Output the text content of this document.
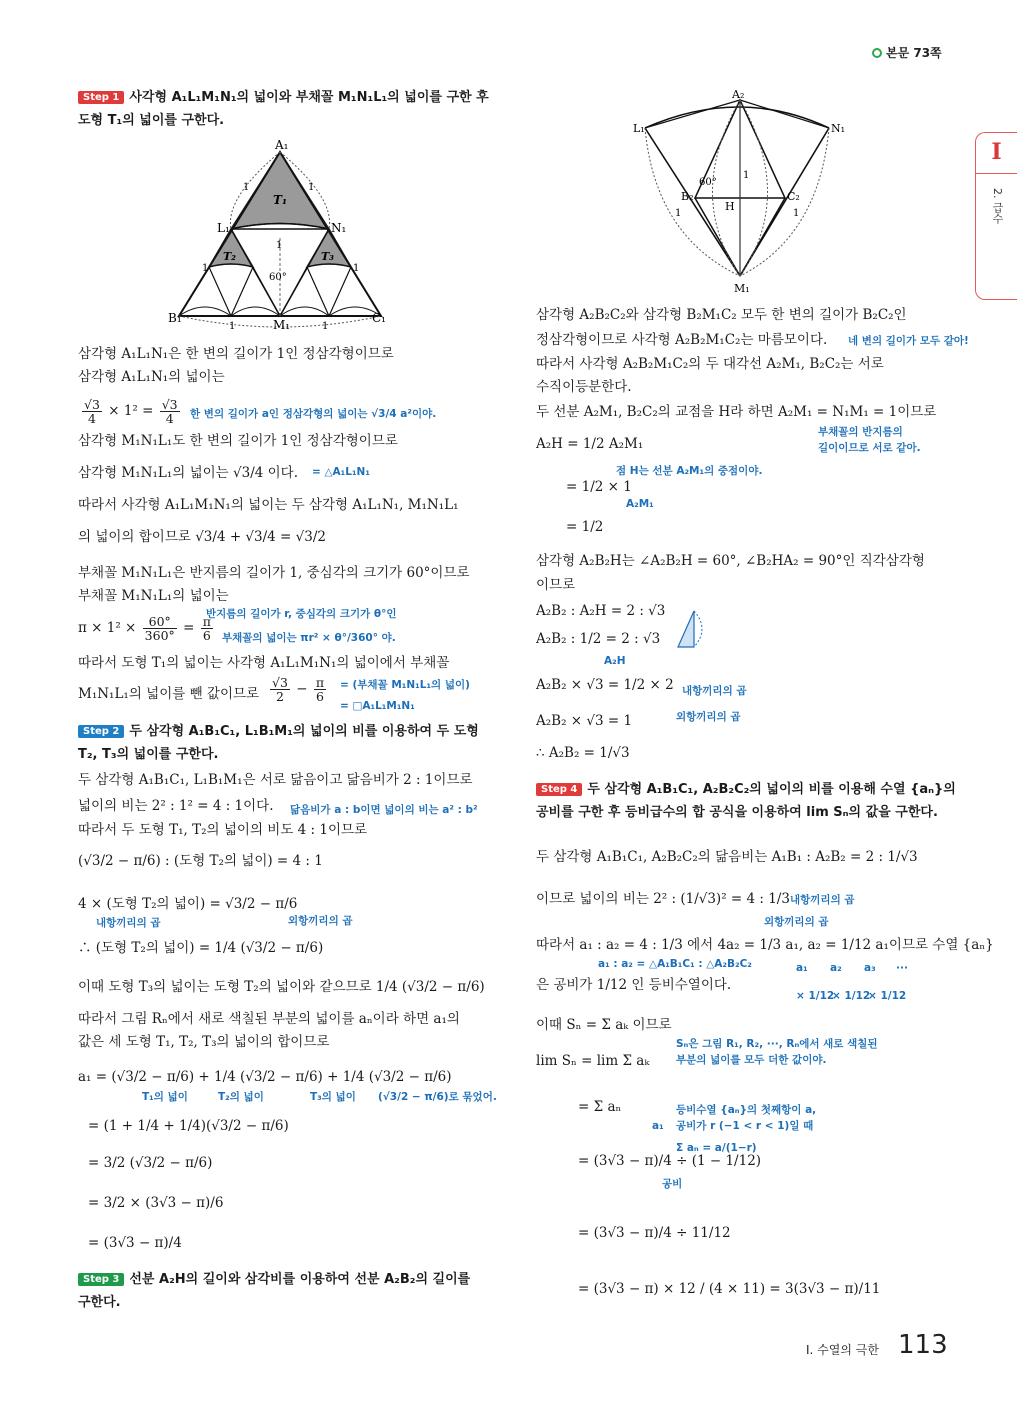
본문 73쪽
I
2. 급수
Step 1 사각형 A₁L₁M₁N₁의 넓이와 부채꼴 M₁N₁L₁의 넓이를 구한 후
도형 T₁의 넓이를 구한다.
A₁
B₁	C₁
L₁	N₁
M₁
T₁
T₂	T₃
60°
1	1
1
1	1
1	1
삼각형 A₁L₁N₁은 한 변의 길이가 1인 정삼각형이므로
삼각형 A₁L₁N₁의 넓이는
$\frac{√3}{4} \times 1^2 = \frac{√3}{4}$ 한 변의 길이가 a인 정삼각형의 넓이는 √3/4 a²이야.
삼각형 M₁N₁L₁도 한 변의 길이가 1인 정삼각형이므로
삼각형 M₁N₁L₁의 넓이는 √3/4 이다. = △A₁L₁N₁
따라서 사각형 A₁L₁M₁N₁의 넓이는 두 삼각형 A₁L₁N₁, M₁N₁L₁
의 넓이의 합이므로 √3/4 + √3/4 = √3/2
부채꼴 M₁N₁L₁은 반지름의 길이가 1, 중심각의 크기가 60°이므로
부채꼴 M₁N₁L₁의 넓이는
$\pi \times 1^2 \times \frac{60^\circ}{360^\circ} = \frac{\pi}{6}$
반지름의 길이가 r, 중심각의 크기가 θ°인
부채꼴의 넓이는 πr² × θ°/360° 야.
따라서 도형 T₁의 넓이는 사각형 A₁L₁M₁N₁의 넓이에서 부채꼴
M₁N₁L₁의 넓이를 뺀 값이므로 $\frac{√3}{2} - \frac{\pi}{6}$ = (부채꼴 M₁N₁L₁의 넓이)
= □A₁L₁M₁N₁
Step 2 두 삼각형 A₁B₁C₁, L₁B₁M₁의 넓이의 비를 이용하여 두 도형
T₂, T₃의 넓이를 구한다.
두 삼각형 A₁B₁C₁, L₁B₁M₁은 서로 닮음이고 닮음비가 2 : 1이므로
넓이의 비는 2² : 1² = 4 : 1이다. 닮음비가 a : b이면 넓이의 비는 a² : b²
따라서 두 도형 T₁, T₂의 넓이의 비도 4 : 1이므로
(√3/2 − π/6) : (도형 T₂의 넓이) = 4 : 1
4 × (도형 T₂의 넓이) = √3/2 − π/6
내항끼리의 곱	외항끼리의 곱
∴ (도형 T₂의 넓이) = 1/4 (√3/2 − π/6)
이때 도형 T₃의 넓이는 도형 T₂의 넓이와 같으므로 1/4 (√3/2 − π/6)
따라서 그림 Rₙ에서 새로 색칠된 부분의 넓이를 aₙ이라 하면 a₁의
값은 세 도형 T₁, T₂, T₃의 넓이의 합이므로
a₁ = (√3/2 − π/6) + 1/4 (√3/2 − π/6) + 1/4 (√3/2 − π/6)
T₁의 넓이	T₂의 넓이	T₃의 넓이 (√3/2 − π/6)로 묶었어.
= (1 + 1/4 + 1/4)(√3/2 − π/6)
= 3/2 (√3/2 − π/6)
= 3/2 × (3√3 − π)/6
= (3√3 − π)/4
Step 3 선분 A₂H의 길이와 삼각비를 이용하여 선분 A₂B₂의 길이를
구한다.
A₂
L₁	N₁
B₂	C₂
M₁
H
60°
1
1	1
삼각형 A₂B₂C₂와 삼각형 B₂M₁C₂ 모두 한 변의 길이가 B₂C₂인
정삼각형이므로 사각형 A₂B₂M₁C₂는 마름모이다. 네 변의 길이가 모두 같아!
따라서 사각형 A₂B₂M₁C₂의 두 대각선 A₂M₁, B₂C₂는 서로
수직이등분한다.
두 선분 A₂M₁, B₂C₂의 교점을 H라 하면 A₂M₁ = N₁M₁ = 1이므로
부채꼴의 반지름의
길이이므로 서로 같아.
A₂H = 1/2 A₂M₁
점 H는 선분 A₂M₁의 중점이야.
= 1/2 × 1
A₂M₁
= 1/2
삼각형 A₂B₂H는 ∠A₂B₂H = 60°, ∠B₂HA₂ = 90°인 직각삼각형
이므로
A₂B₂ : A₂H = 2 : √3
A₂B₂ : 1/2 = 2 : √3
A₂H
A₂B₂ × √3 = 1/2 × 2 내항끼리의 곱
외항끼리의 곱
A₂B₂ × √3 = 1
∴ A₂B₂ = 1/√3
Step 4 두 삼각형 A₁B₁C₁, A₂B₂C₂의 넓이의 비를 이용해 수열 {aₙ}의
공비를 구한 후 등비급수의 합 공식을 이용하여 lim Sₙ의 값을 구한다.
두 삼각형 A₁B₁C₁, A₂B₂C₂의 닮음비는 A₁B₁ : A₂B₂ = 2 : 1/√3
이므로 넓이의 비는 2² : (1/√3)² = 4 : 1/3 내항끼리의 곱
외항끼리의 곱
따라서 a₁ : a₂ = 4 : 1/3 에서 4a₂ = 1/3 a₁, a₂ = 1/12 a₁이므로 수열 {aₙ}
a₁ : a₂ = △A₁B₁C₁ : △A₂B₂C₂
은 공비가 1/12 인 등비수열이다.
a₁ a₂ a₃ ···
× 1/12
× 1/12
× 1/12
이때 Sₙ = Σ aₖ 이므로
Sₙ은 그림 R₁, R₂, ···, Rₙ에서 새로 색칠된
부분의 넓이를 모두 더한 값이야.
lim Sₙ = lim Σ aₖ
= Σ aₙ	등비수열 {aₙ}의 첫째항이 a,
공비가 r (−1 < r < 1)일 때
Σ aₙ = a/(1−r)
a₁
= (3√3 − π)/4 ÷ (1 − 1/12)
공비
= (3√3 − π)/4 ÷ 11/12
= (3√3 − π) × 12 / (4 × 11) = 3(3√3 − π)/11
I. 수열의 극한 113
